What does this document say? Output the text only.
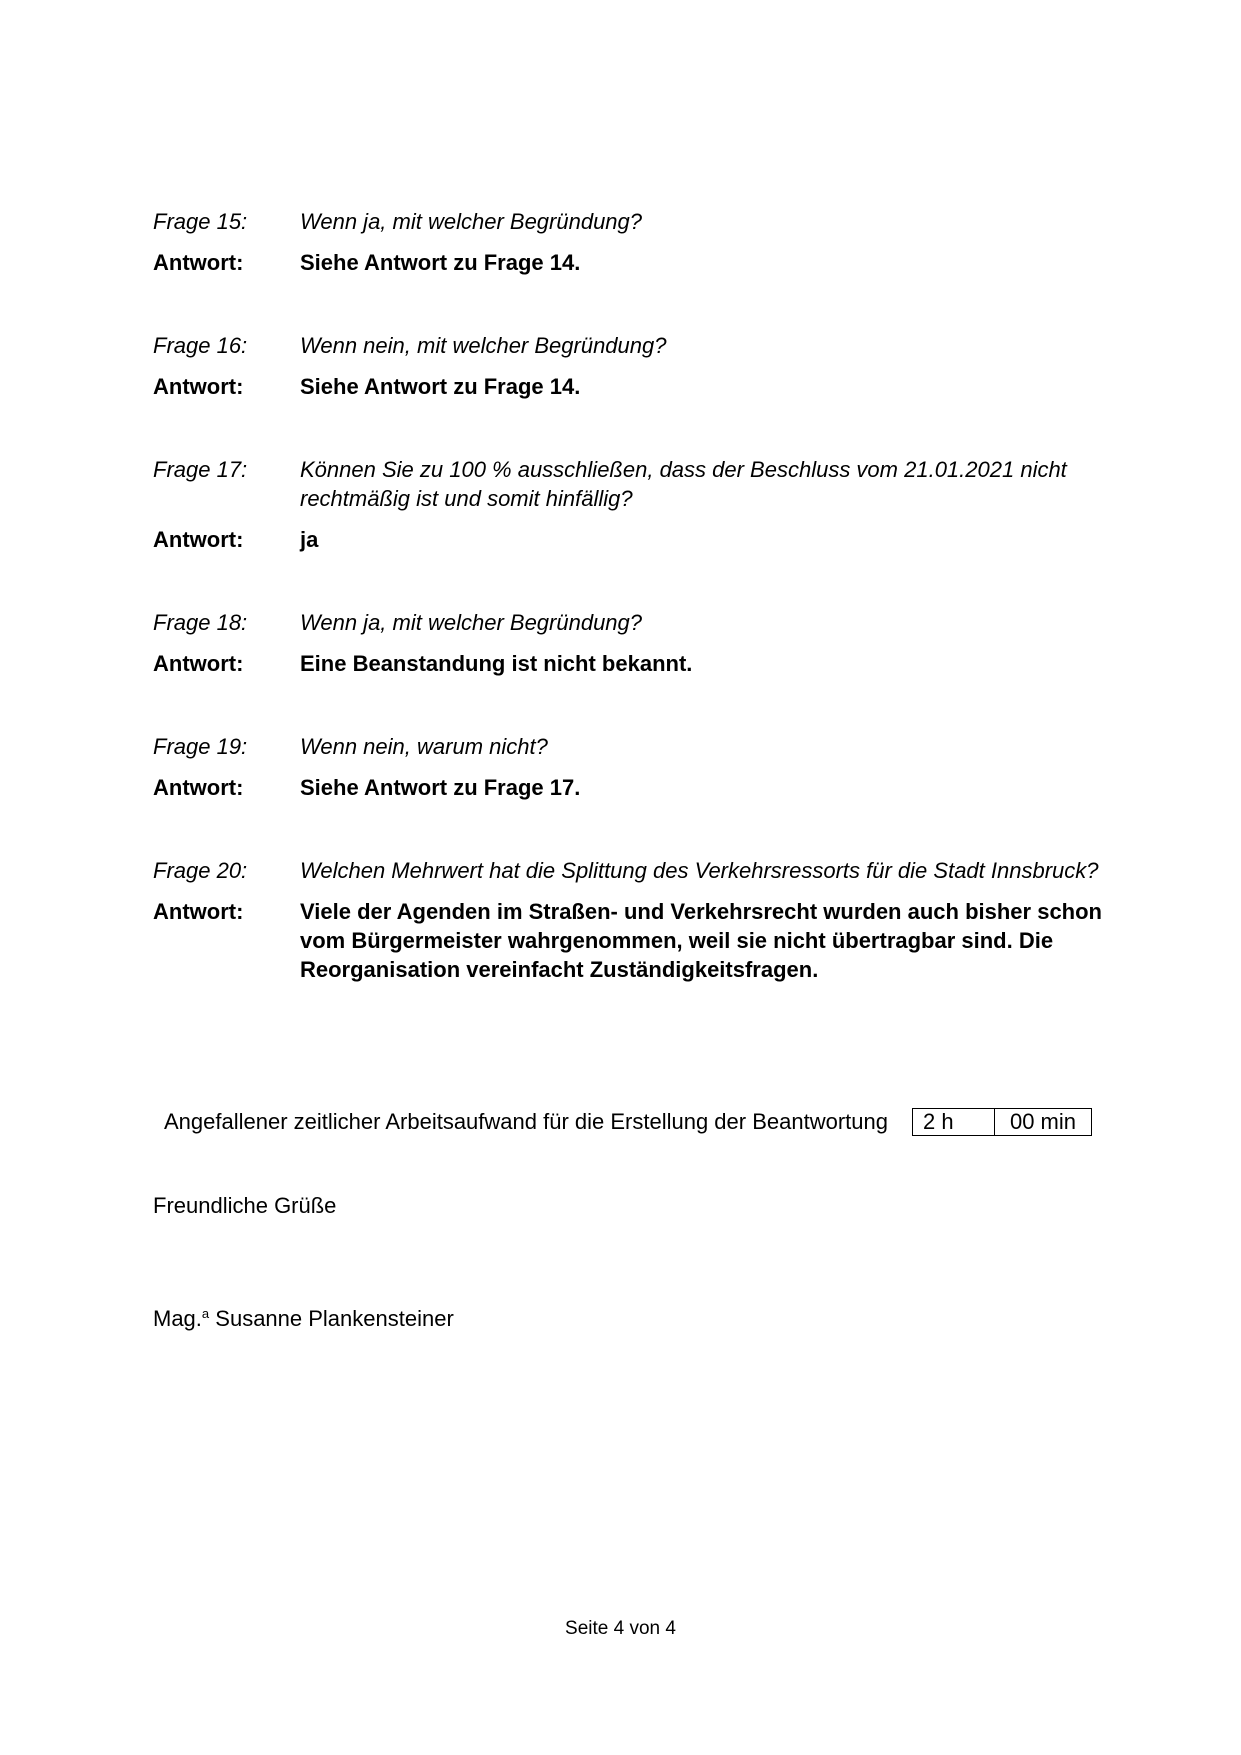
Frage 15:	Wenn ja, mit welcher Begründung?
Antwort:	Siehe Antwort zu Frage 14.
Frage 16:	Wenn nein, mit welcher Begründung?
Antwort:	Siehe Antwort zu Frage 14.
Frage 17:	Können Sie zu 100 % ausschließen, dass der Beschluss vom 21.01.2021 nicht rechtmäßig ist und somit hinfällig?
Antwort:	ja
Frage 18:	Wenn ja, mit welcher Begründung?
Antwort:	Eine Beanstandung ist nicht bekannt.
Frage 19:	Wenn nein, warum nicht?
Antwort:	Siehe Antwort zu Frage 17.
Frage 20:	Welchen Mehrwert hat die Splittung des Verkehrsressorts für die Stadt Innsbruck?
Antwort:	Viele der Agenden im Straßen- und Verkehrsrecht wurden auch bisher schon vom Bürgermeister wahrgenommen, weil sie nicht übertragbar sind. Die Reorganisation vereinfacht Zuständigkeitsfragen.
Angefallener zeitlicher Arbeitsaufwand für die Erstellung der Beantwortung	2 h	00 min
Freundliche Grüße
Mag.$^a$ Susanne Plankensteiner
Seite 4 von 4
